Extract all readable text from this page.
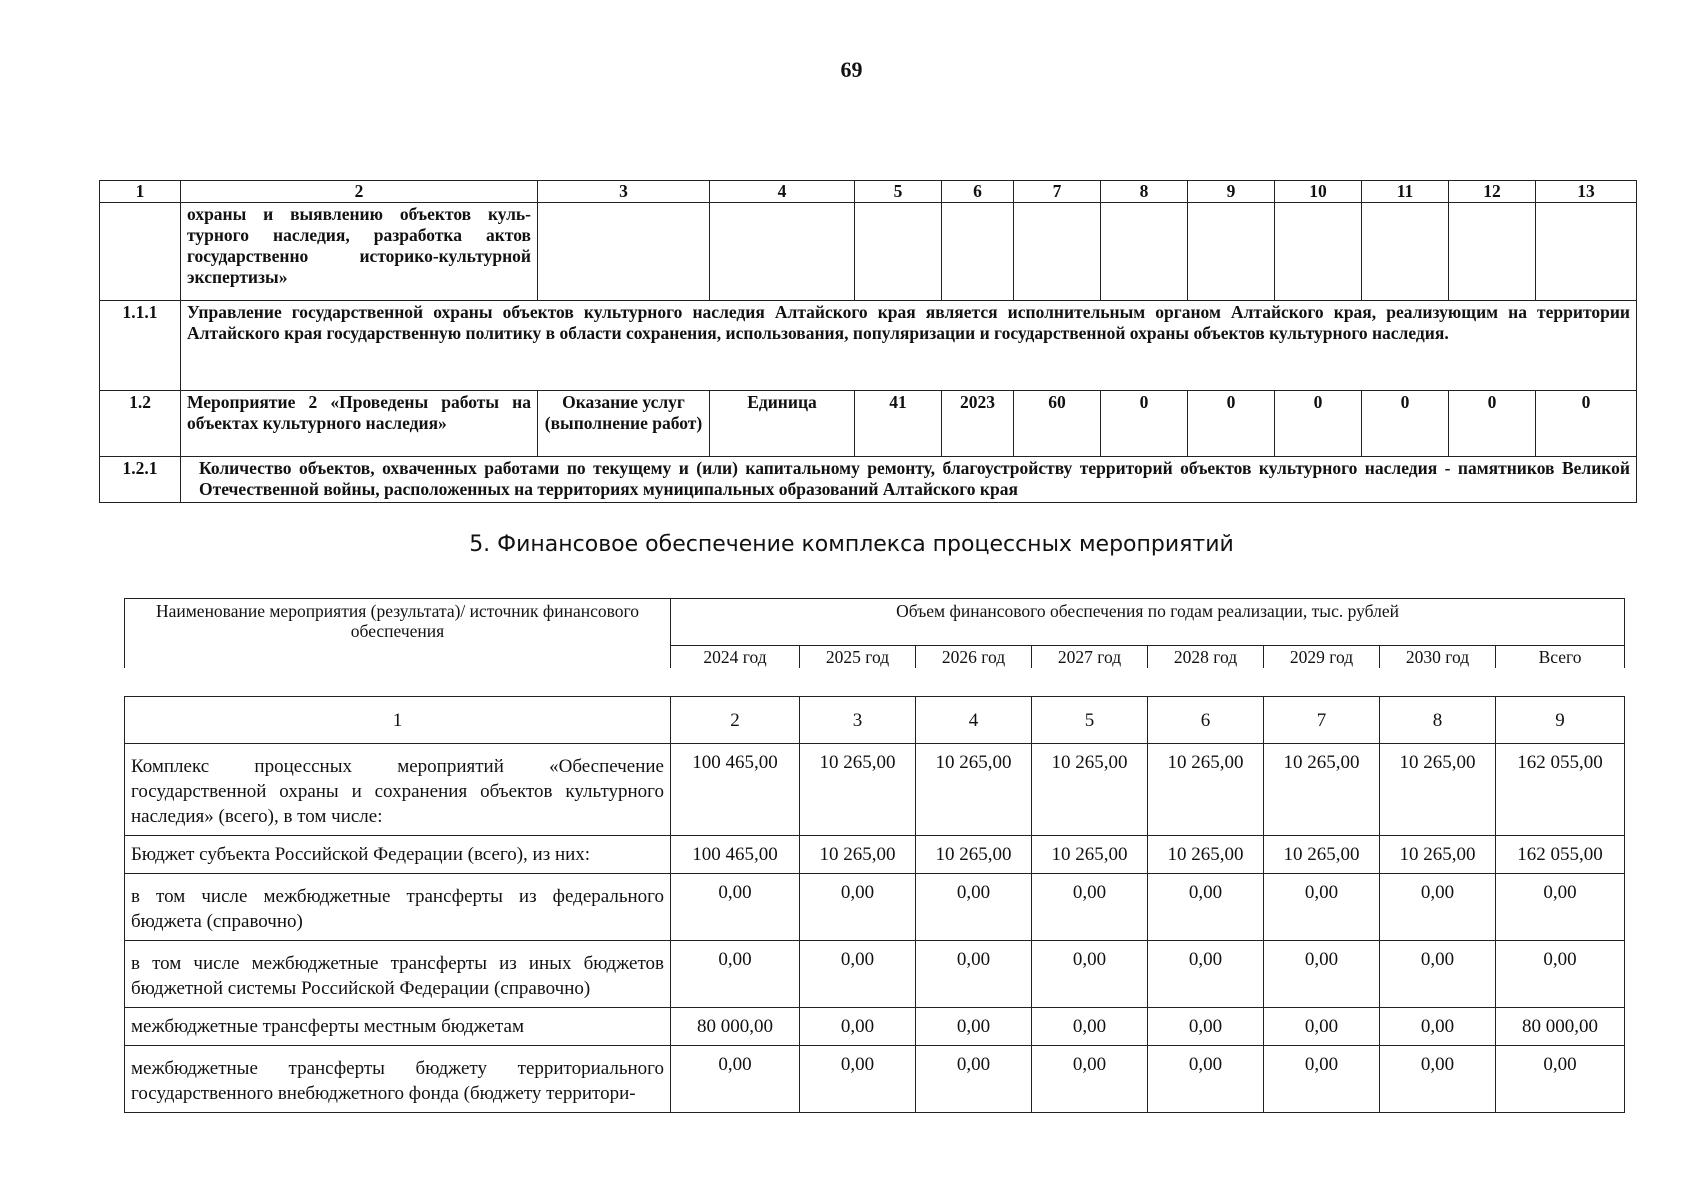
69
1	2	3	4	5	6	7	8	9	10	11	12	13
	охраны и выявлению объектов куль-турного наследия, разработка актов государственно историко-культурной экспертизы»											
1.1.1	Управление государственной охраны объектов культурного наследия Алтайского края является исполнительным органом Алтайского края, реализующим на территории Алтайского края государственную политику в области сохранения, использования, популяризации и государственной охраны объектов культурного наследия.											
1.2	Мероприятие 2 «Проведены работы на объектах культурного наследия»	Оказание услуг (выполнение работ)	Единица	41	2023	60	0	0	0	0	0	0
1.2.1	Количество объектов, охваченных работами по текущему и (или) капитальному ремонту, благоустройству территорий объектов культурного наследия - памятников Великой Отечественной войны, расположенных на территориях муниципальных образований Алтайского края											
5. Финансовое обеспечение комплекса процессных мероприятий
Наименование мероприятия (результата)/ источник финансового обеспечения	Объем финансового обеспечения по годам реализации, тыс. рублей							
	2024 год	2025 год	2026 год	2027 год	2028 год	2029 год	2030 год	Всего
1	2	3	4	5	6	7	8	9
Комплекс процессных мероприятий «Обеспечение государственной охраны и сохранения объектов культурного наследия» (всего), в том числе:	100 465,00	10 265,00	10 265,00	10 265,00	10 265,00	10 265,00	10 265,00	162 055,00
Бюджет субъекта Российской Федерации (всего), из них:	100 465,00	10 265,00	10 265,00	10 265,00	10 265,00	10 265,00	10 265,00	162 055,00
в том числе межбюджетные трансферты из федерального бюджета (справочно)	0,00	0,00	0,00	0,00	0,00	0,00	0,00	0,00
в том числе межбюджетные трансферты из иных бюджетов бюджетной системы Российской Федерации (справочно)	0,00	0,00	0,00	0,00	0,00	0,00	0,00	0,00
межбюджетные трансферты местным бюджетам	80 000,00	0,00	0,00	0,00	0,00	0,00	0,00	80 000,00
межбюджетные трансферты бюджету территориального государственного внебюджетного фонда (бюджету территори-	0,00	0,00	0,00	0,00	0,00	0,00	0,00	0,00
